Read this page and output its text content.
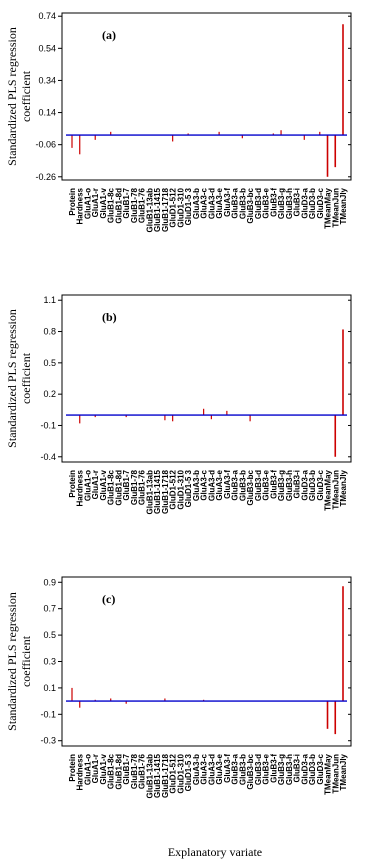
0.74
0.54
0.34
0.14
-0.06
-0.26
(a)
Protein
Hardness
GluA1-o
GluA1-r
GluA1-v
GluB1-8c
GluB1-8d
GluB1-7
GluB1-78
GluB1-76
GluB1-13ab
GluB1-1415
GluB1-1718
GluD1-512
GluD1-310
GluD1-5 3
GluA3-b
GluA3-c
GluA3-d
GluA3-e
GluA3-f
GluB3-a
GluB3-b
GluB3-bc
GluB3-d
GluB3-e
GluB3-f
GluB3-g
GluB3-h
GluB3-i
GluD3-a
GluD3-b
GluD3-c
TMeanMay
TMeanJun
TMeanJly
Standardized PLS regression coefficient
1.1
0.8
0.5
0.2
-0.1
-0.4
(b)
Protein
Hardness
GluA1-o
GluA1-r
GluA1-v
GluB1-8c
GluB1-8d
GluB1-7
GluB1-78
GluB1-76
GluB1-13ab
GluB1-1415
GluB1-1718
GluD1-512
GluD1-310
GluD1-5 3
GluA3-b
GluA3-c
GluA3-d
GluA3-e
GluA3-f
GluB3-a
GluB3-b
GluB3-bc
GluB3-d
GluB3-e
GluB3-f
GluB3-g
GluB3-h
GluB3-i
GluD3-a
GluD3-b
GluD3-c
TMeanMay
TMeanJun
TMeanJly
Standardized PLS regression coefficient
0.9
0.7
0.5
0.3
0.1
-0.1
-0.3
(c)
Protein
Hardness
GluA1-o
GluA1-r
GluA1-v
GluB1-8c
GluB1-8d
GluB1-7
GluB1-78
GluB1-76
GluB1-13ab
GluB1-1415
GluB1-1718
GluD1-512
GluD1-310
GluD1-5 3
GluA3-b
GluA3-c
GluA3-d
GluA3-e
GluA3-f
GluB3-a
GluB3-b
GluB3-bc
GluB3-d
GluB3-e
GluB3-f
GluB3-g
GluB3-h
GluB3-i
GluD3-a
GluD3-b
GluD3-c
TMeanMay
TMeanJun
TMeanJly
Standardized PLS regression coefficient
Explanatory variate
